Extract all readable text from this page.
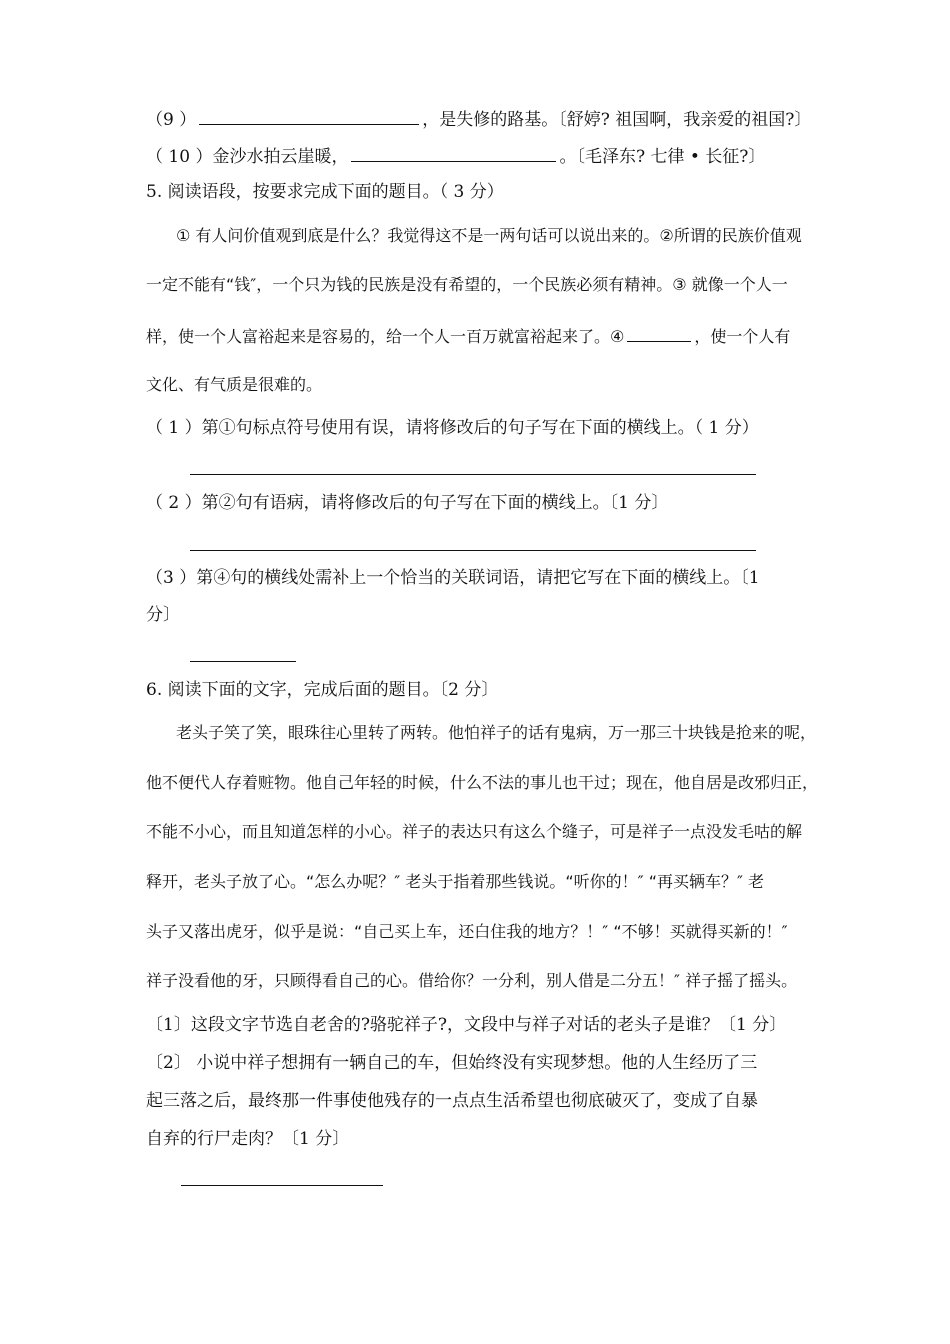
（9 ）	，是失修的路基。〔舒婷? 祖国啊，我亲爱的祖国?〕
（ 10 ）金沙水拍云崖暖，	。〔毛泽东? 七律 • 长征?〕
5. 阅读语段，按要求完成下面的题目。（ 3 分）
① 有人问价值观到底是什么？我觉得这不是一两句话可以说出来的。②所谓的民族价值观
一定不能有“钱″，一个只为钱的民族是没有希望的，一个民族必须有精神。③ 就像一个人一
样，使一个人富裕起来是容易的，给一个人一百万就富裕起来了。④	，使一个人有
文化、有气质是很难的。
（ 1 ）第①句标点符号使用有误，请将修改后的句子写在下面的横线上。（ 1 分）
（ 2 ）第②句有语病，请将修改后的句子写在下面的横线上。〔1 分〕
（3 ）第④句的横线处需补上一个恰当的关联词语，请把它写在下面的横线上。〔1
分〕
6. 阅读下面的文字，完成后面的题目。〔2 分〕
老头子笑了笑，眼珠往心里转了两转。他怕祥子的话有鬼病，万一那三十块钱是抢来的呢，
他不便代人存着赃物。他自己年轻的时候，什么不法的事儿也干过；现在，他自居是改邪归正，
不能不小心，而且知道怎样的小心。祥子的表达只有这么个缝子，可是祥子一点没发毛咕的解
释开，老头子放了心。“怎么办呢？″ 老头于指着那些钱说。“听你的！″ “再买辆车？″ 老
头子又落出虎牙，似乎是说：“自己买上车，还白住我的地方？！″ “不够！买就得买新的！″
祥子没看他的牙，只顾得看自己的心。借给你？一分利，别人借是二分五！″ 祥子摇了摇头。
〔1〕这段文字节选自老舍的?骆驼祥子?，文段中与祥子对话的老头子是谁？〔1 分〕
〔2〕 小说中祥子想拥有一辆自己的车，但始终没有实现梦想。他的人生经历了三
起三落之后，最终那一件事使他残存的一点点生活希望也彻底破灭了，变成了自暴
自弃的行尸走肉？〔1 分〕
